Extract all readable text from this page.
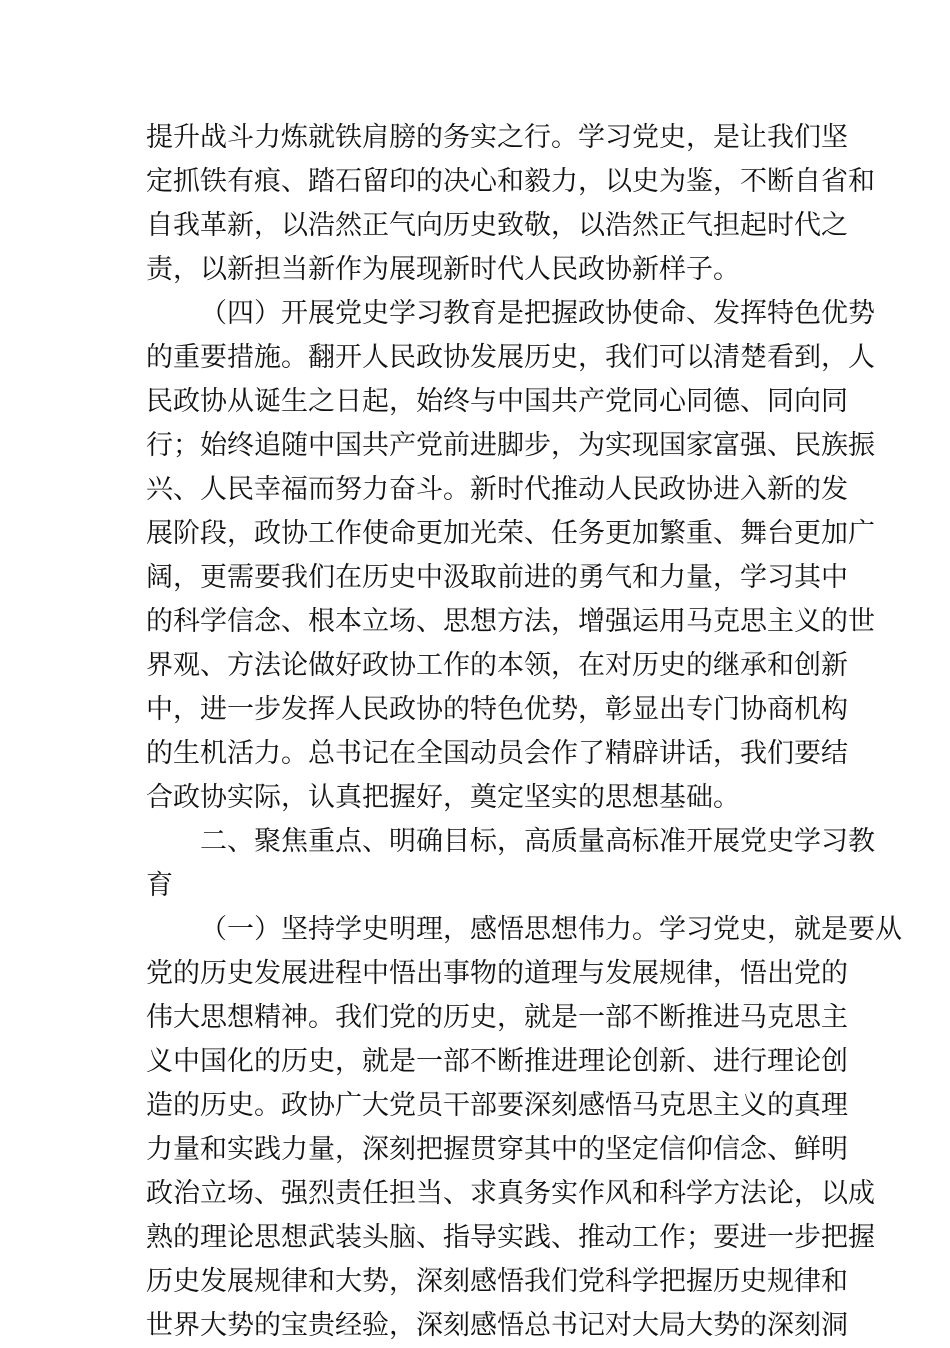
提升战斗力炼就铁肩膀的务实之行。学习党史，是让我们坚
定抓铁有痕、踏石留印的决心和毅力，以史为鉴，不断自省和
自我革新，以浩然正气向历史致敬，以浩然正气担起时代之
责，以新担当新作为展现新时代人民政协新样子。
（四）开展党史学习教育是把握政协使命、发挥特色优势
的重要措施。翻开人民政协发展历史，我们可以清楚看到，人
民政协从诞生之日起，始终与中国共产党同心同德、同向同
行；始终追随中国共产党前进脚步，为实现国家富强、民族振
兴、人民幸福而努力奋斗。新时代推动人民政协进入新的发
展阶段，政协工作使命更加光荣、任务更加繁重、舞台更加广
阔，更需要我们在历史中汲取前进的勇气和力量，学习其中
的科学信念、根本立场、思想方法，增强运用马克思主义的世
界观、方法论做好政协工作的本领，在对历史的继承和创新
中，进一步发挥人民政协的特色优势，彰显出专门协商机构
的生机活力。总书记在全国动员会作了精辟讲话，我们要结
合政协实际，认真把握好，奠定坚实的思想基础。
二、聚焦重点、明确目标，高质量高标准开展党史学习教
育
（一）坚持学史明理，感悟思想伟力。学习党史，就是要从
党的历史发展进程中悟出事物的道理与发展规律，悟出党的
伟大思想精神。我们党的历史，就是一部不断推进马克思主
义中国化的历史，就是一部不断推进理论创新、进行理论创
造的历史。政协广大党员干部要深刻感悟马克思主义的真理
力量和实践力量，深刻把握贯穿其中的坚定信仰信念、鲜明
政治立场、强烈责任担当、求真务实作风和科学方法论，以成
熟的理论思想武装头脑、指导实践、推动工作；要进一步把握
历史发展规律和大势，深刻感悟我们党科学把握历史规律和
世界大势的宝贵经验，深刻感悟总书记对大局大势的深刻洞
